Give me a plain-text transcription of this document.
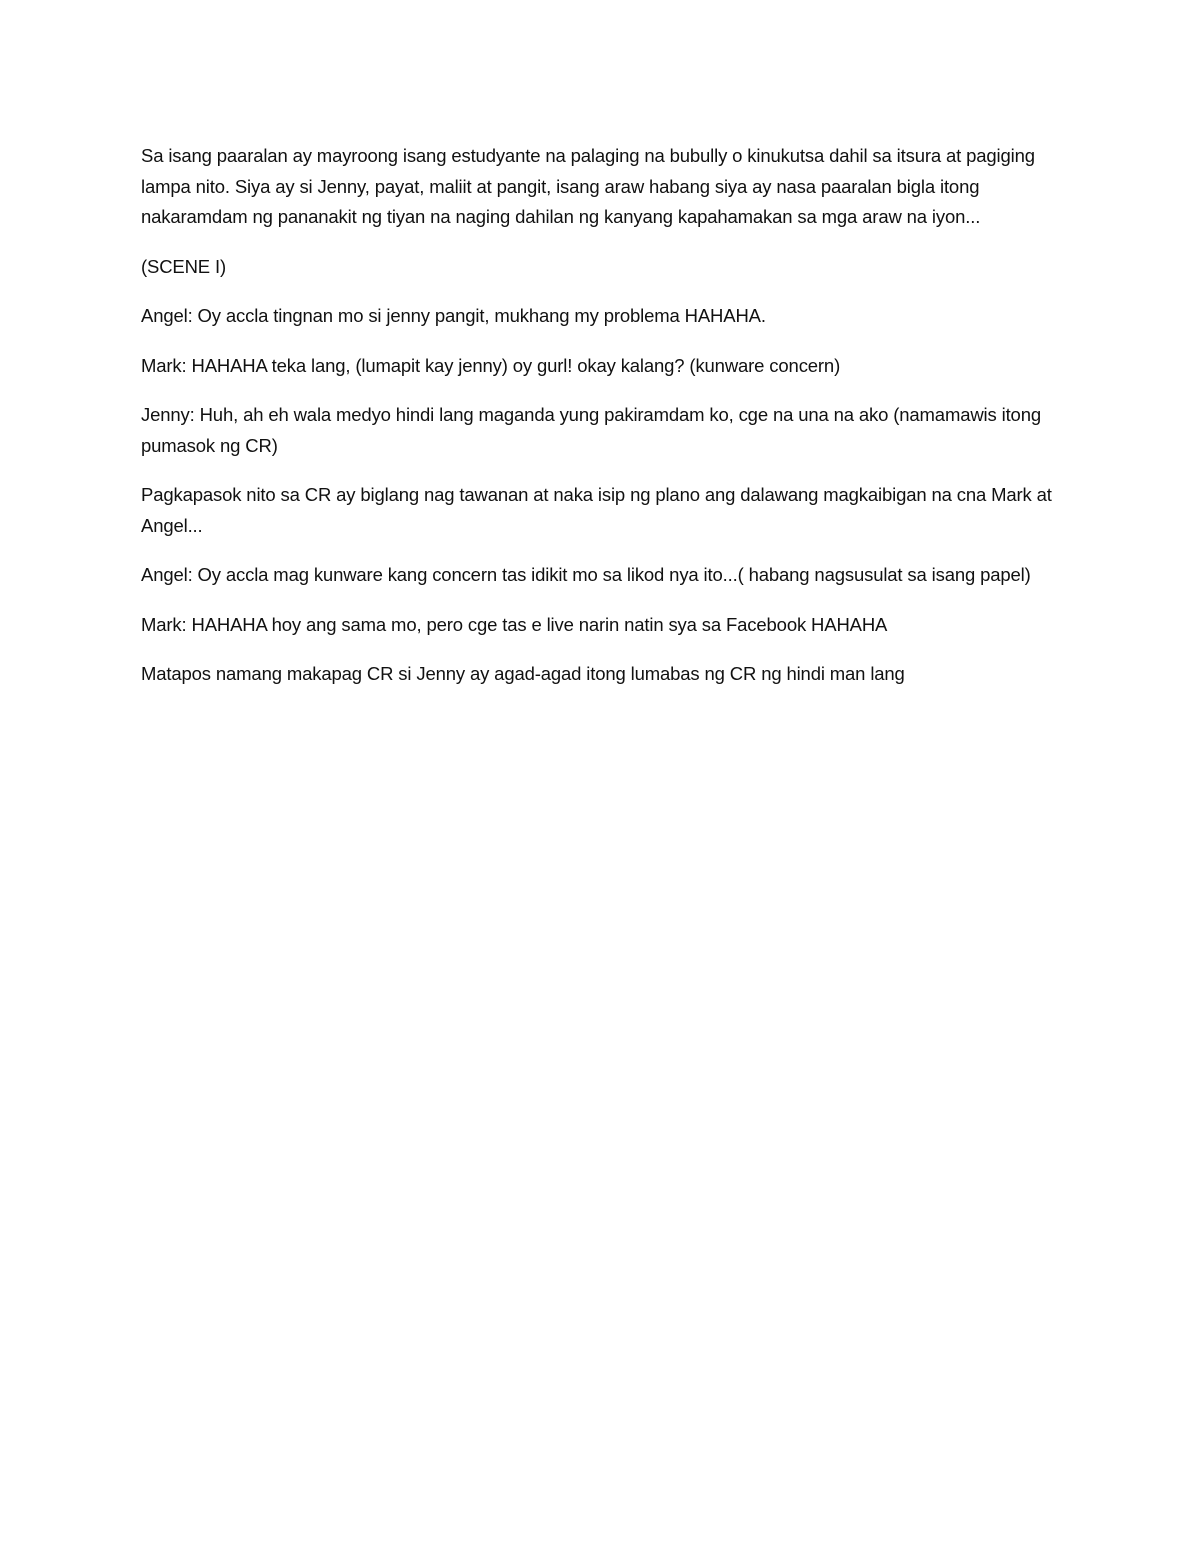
Sa isang paaralan ay mayroong isang estudyante na palaging na bubully o kinukutsa dahil sa itsura at pagiging lampa nito. Siya ay si Jenny, payat, maliit at pangit, isang araw habang siya ay nasa paaralan bigla itong nakaramdam ng pananakit ng tiyan na naging dahilan ng kanyang kapahamakan sa mga araw na iyon...

(SCENE I)

Angel: Oy accla tingnan mo si jenny pangit, mukhang my problema HAHAHA.

Mark: HAHAHA teka lang, (lumapit kay jenny) oy gurl! okay kalang? (kunware concern)

Jenny: Huh, ah eh wala medyo hindi lang maganda yung pakiramdam ko, cge na una na ako (namamawis itong pumasok ng CR)

Pagkapasok nito sa CR ay biglang nag tawanan at naka isip ng plano ang dalawang magkaibigan na cna Mark at Angel...

Angel: Oy accla mag kunware kang concern tas idikit mo sa likod nya ito...( habang nagsusulat sa isang papel)

Mark: HAHAHA hoy ang sama mo, pero cge tas e live narin natin sya sa Facebook HAHAHA

Matapos namang makapag CR si Jenny ay agad-agad itong lumabas ng CR ng hindi man lang
